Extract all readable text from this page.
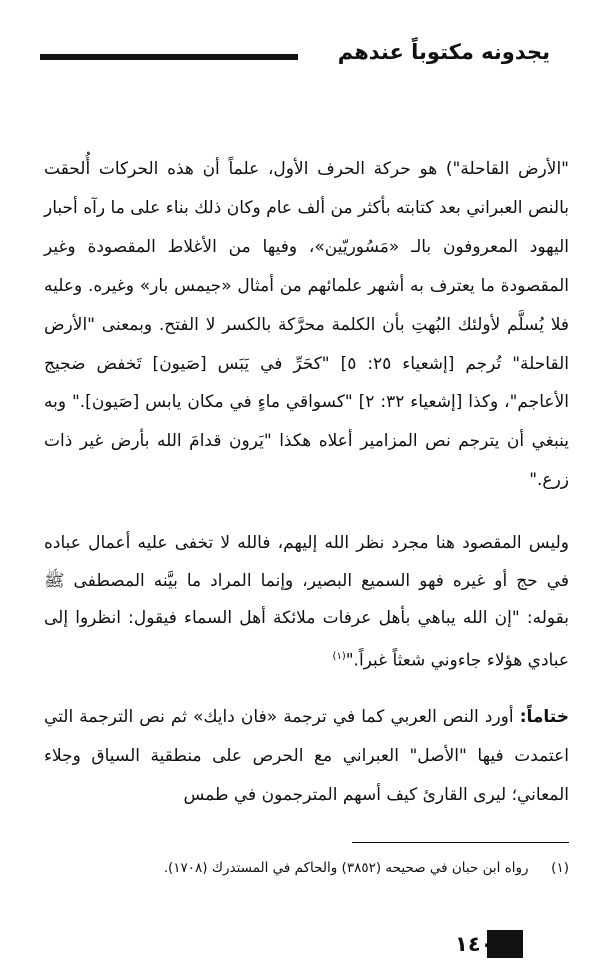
يجدونه مكتوباً عندهم

"الأرض القاحلة") هو حركة الحرف الأول، علماً أن هذه الحركات أُلحقت بالنص العبراني بعد كتابته بأكثر من ألف عام وكان ذلك بناء على ما رآه أحبار اليهود المعروفون بالـ «مَسُوريّين»، وفيها من الأغلاط المقصودة وغير المقصودة ما يعترف به أشهر علمائهم من أمثال «جيمس بار» وغيره. وعليه فلا يُسلَّم لأولئك البُهتِ بأن الكلمة محرَّكة بالكسر لا الفتح. وبمعنى "الأرض القاحلة" تُرجم [إشعياء ٢٥: ٥] "كحَرِّ في يَبَس [صَيون] تَخفض ضجيج الأعاجم"، وكذا [إشعياء ٣٢: ٢] "كسواقي ماءٍ في مكان يابس [صَيون]." وبه ينبغي أن يترجم نص المزامير أعلاه هكذا "يَرون قدامَ الله بأرض غير ذات زرع."

وليس المقصود هنا مجرد نظر الله إليهم، فالله لا تخفى عليه أعمال عباده في حج أو غيره فهو السميع البصير، وإنما المراد ما بيَّنه المصطفى ﷺ بقوله: "إن الله يباهي بأهل عرفات ملائكة أهل السماء فيقول: انظروا إلى عبادي هؤلاء جاءوني شعثاً غبراً."$^{(١)}$

ختاماً: أورد النص العربي كما في ترجمة «فان دايك» ثم نص الترجمة التي اعتمدت فيها "الأصل" العبراني مع الحرص على منطقية السياق وجلاء المعاني؛ ليرى القارئ كيف أسهم المترجمون في طمس

(١)  رواه ابن حبان في صحيحه (٣٨٥٢) والحاكم في المستدرك (١٧٠٨).
١٤٠
